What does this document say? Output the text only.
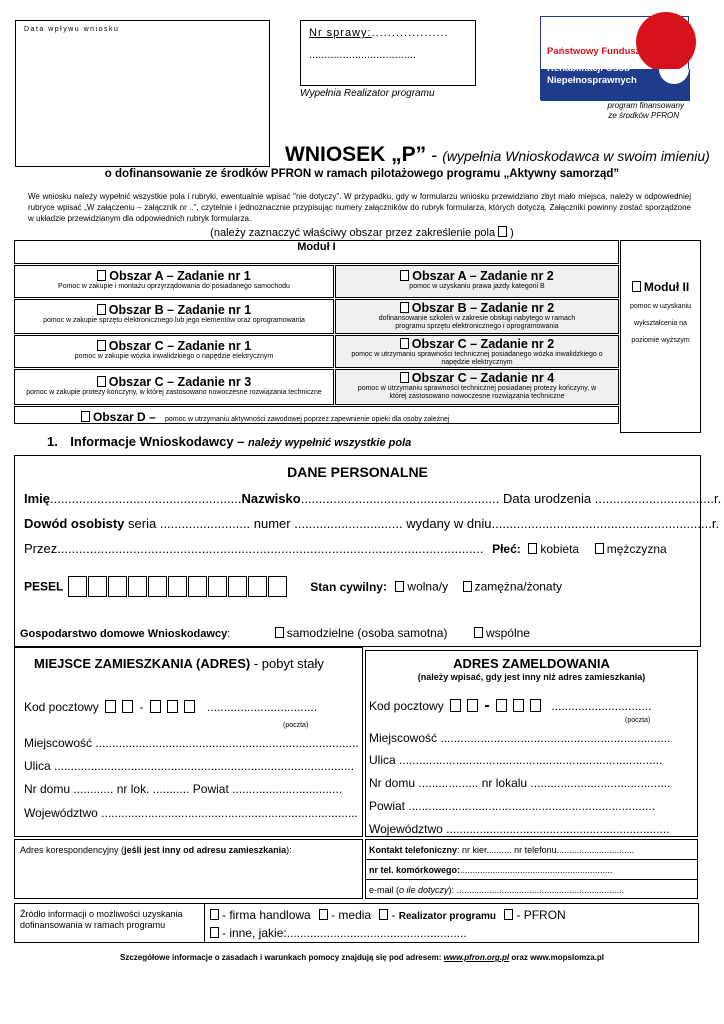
Data wpływu wniosku	Nr sprawy:...................
...................................
Wypełnia Realizator programu
Państwowy Fundusz
Rehabilitacji Osób
Niepełnosprawnych
program finansowany
ze środków PFRON
WNIOSEK „P” - (wypełnia Wnioskodawca w swoim imieniu)
o dofinansowanie ze środków PFRON w ramach pilotażowego programu „Aktywny samorząd”
We wniosku należy wypełnić wszystkie pola i rubryki, ewentualnie wpisać "nie dotyczy". W przypadku, gdy w formularzu wniosku przewidziano zbyt mało miejsca, należy w odpowiedniej rubryce wpisać „W załączeniu – załącznik nr ..”, czytelnie i jednoznacznie przypisując numery załączników do rubryk formularza, których dotyczą. Załączniki powinny zostać sporządzone w układzie przewidzianym dla odpowiednich rubryk formularza.
(należy zaznaczyć właściwy obszar przez zakreślenie pola )
Moduł I
Moduł II
pomoc w uzyskaniu wykształcenia na poziomie wyższym
Obszar A – Zadanie nr 1
Pomoc w zakupie i montażu oprzyrządowania do posiadanego samochodu
Obszar A – Zadanie nr 2
pomoc w uzyskaniu prawa jazdy kategorii B
Obszar B – Zadanie nr 1
pomoc w zakupie sprzętu elektronicznego lub jego elementów oraz oprogramowania
Obszar B – Zadanie nr 2
dofinansowanie szkoleń w zakresie obsługi nabytego w ramach programu sprzętu elektronicznego i oprogramowania
Obszar C – Zadanie nr 1
pomoc w zakupie wózka inwalidzkiego o napędzie elektrycznym
Obszar C – Zadanie nr 2
pomoc w utrzymaniu sprawności technicznej posiadanego wózka inwalidzkiego o napędzie elektrycznym
Obszar C – Zadanie nr 3
pomoc w zakupie protezy kończyny, w której zastosowano nowoczesne rozwiązania techniczne
Obszar C – Zadanie nr 4
pomoc w utrzymaniu sprawności technicznej posiadanej protezy kończyny, w której zastosowano nowoczesne rozwiązania techniczne
Obszar D – pomoc w utrzymaniu aktywności zawodowej poprzez zapewnienie opieki dla osoby zależnej
1. Informacje Wnioskodawcy – należy wypełnić wszystkie pola
DANE PERSONALNE
Imię.....................................................Nazwisko....................................................... Data urodzenia .................................r.
Dowód osobisty seria ......................... numer .............................. wydany w dniu.............................................................r.
Przez...................................................................................................................... Płeć: kobieta mężczyzna
PESEL	Stan cywilny: wolna/y zamężna/żonaty
Gospodarstwo domowe Wnioskodawcy:	samodzielne (osoba samotna)	wspólne
MIEJSCE ZAMIESZKANIA (ADRES) - pobyt stały
Kod pocztowy	-	.................................
(poczta)
Miejscowość ...............................................................................
Ulica ..........................................................................................
Nr domu ............ nr lok. ........... Powiat .................................
Województwo .............................................................................
ADRES ZAMELDOWANIA
(należy wpisać, gdy jest inny niż adres zamieszkania)
Kod pocztowy	-	..............................
(poczta)
Miejscowość .....................................................................
Ulica ...............................................................................
Nr domu .................. nr lokalu ..........................................
Powiat ..........................................................................
Województwo ...................................................................
Adres korespondencyjny (jeśli jest inny od adresu zamieszkania):	Kontakt telefoniczny: nr kier.......... nr telefonu...............................
nr tel. komórkowego:.............................................................
e-mail (o ile dotyczy): ...................................................................
Źródło informacji o możliwości uzyskania dofinansowania w ramach programu
- firma handlowa - media - Realizator programu - PFRON
- inne, jakie:......................................................
Szczegółowe informacje o zasadach i warunkach pomocy znajdują się pod adresem: www.pfron.org.pl oraz www.mopslomza.pl
